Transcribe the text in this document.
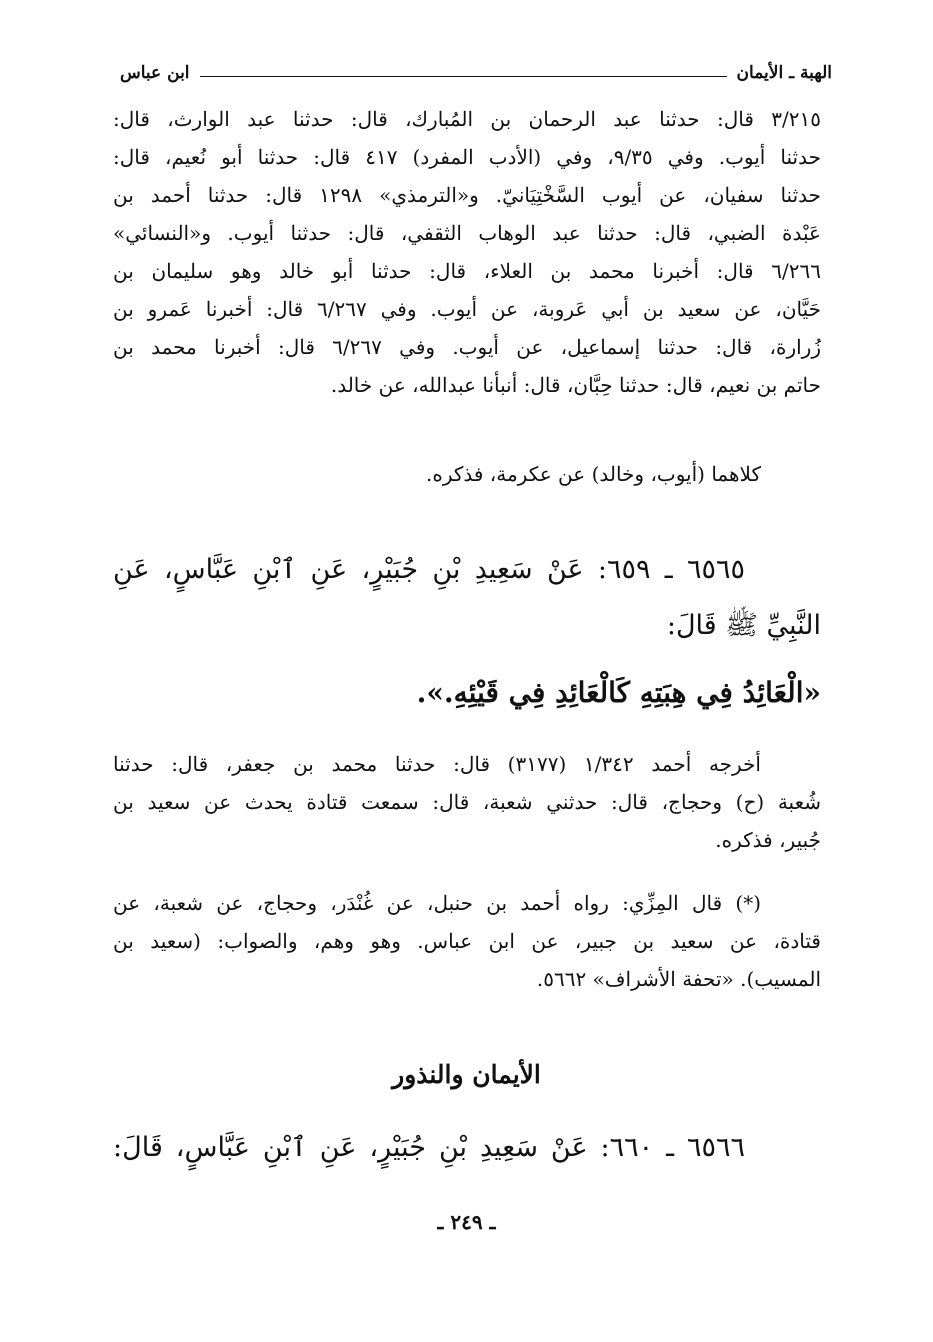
الهبة ـ الأيمان
ابن عباس
٣/٢١٥ قال: حدثنا عبد الرحمان بن المُبارك، قال: حدثنا عبد الوارث، قال:
حدثنا أيوب. وفي ٩/٣٥، وفي (الأدب المفرد) ٤١٧ قال: حدثنا أبو نُعيم، قال:
حدثنا سفيان، عن أيوب السَّخْتِيَانيّ. و«الترمذي» ١٢٩٨ قال: حدثنا أحمد بن
عَبْدة الضبي، قال: حدثنا عبد الوهاب الثقفي، قال: حدثنا أيوب. و«النسائي»
٦/٢٦٦ قال: أخبرنا محمد بن العلاء، قال: حدثنا أبو خالد وهو سليمان بن
حَيَّان، عن سعيد بن أبي عَروبة، عن أيوب. وفي ٦/٢٦٧ قال: أخبرنا عَمرو بن
زُرارة، قال: حدثنا إسماعيل، عن أيوب. وفي ٦/٢٦٧ قال: أخبرنا محمد بن
حاتم بن نعيم، قال: حدثنا حِبَّان، قال: أنبأنا عبدالله، عن خالد.
كلاهما (أيوب، وخالد) عن عكرمة، فذكره.
٦٥٦٥ ـ ٦٥٩: عَنْ سَعِيدِ بْنِ جُبَيْرٍ، عَنِ ٱبْنِ عَبَّاسٍ، عَنِ
النَّبِيِّ ﷺ قَالَ:
«الْعَائِدُ فِي هِبَتِهِ كَالْعَائِدِ فِي قَيْئِهِ.».
أخرجه أحمد ١/٣٤٢ (٣١٧٧) قال: حدثنا محمد بن جعفر، قال: حدثنا
شُعبة (ح) وحجاج، قال: حدثني شعبة، قال: سمعت قتادة يحدث عن سعيد بن
جُبير، فذكره.
(*) قال المِزِّي: رواه أحمد بن حنبل، عن غُنْدَر، وحجاج، عن شعبة، عن
قتادة، عن سعيد بن جبير، عن ابن عباس. وهو وهم، والصواب: (سعيد بن
المسيب). «تحفة الأشراف» ٥٦٦٢.
الأيمان والنذور
٦٥٦٦ ـ ٦٦٠: عَنْ سَعِيدِ بْنِ جُبَيْرٍ، عَنِ ٱبْنِ عَبَّاسٍ، قَالَ:
ـ ٢٤٩ ـ
